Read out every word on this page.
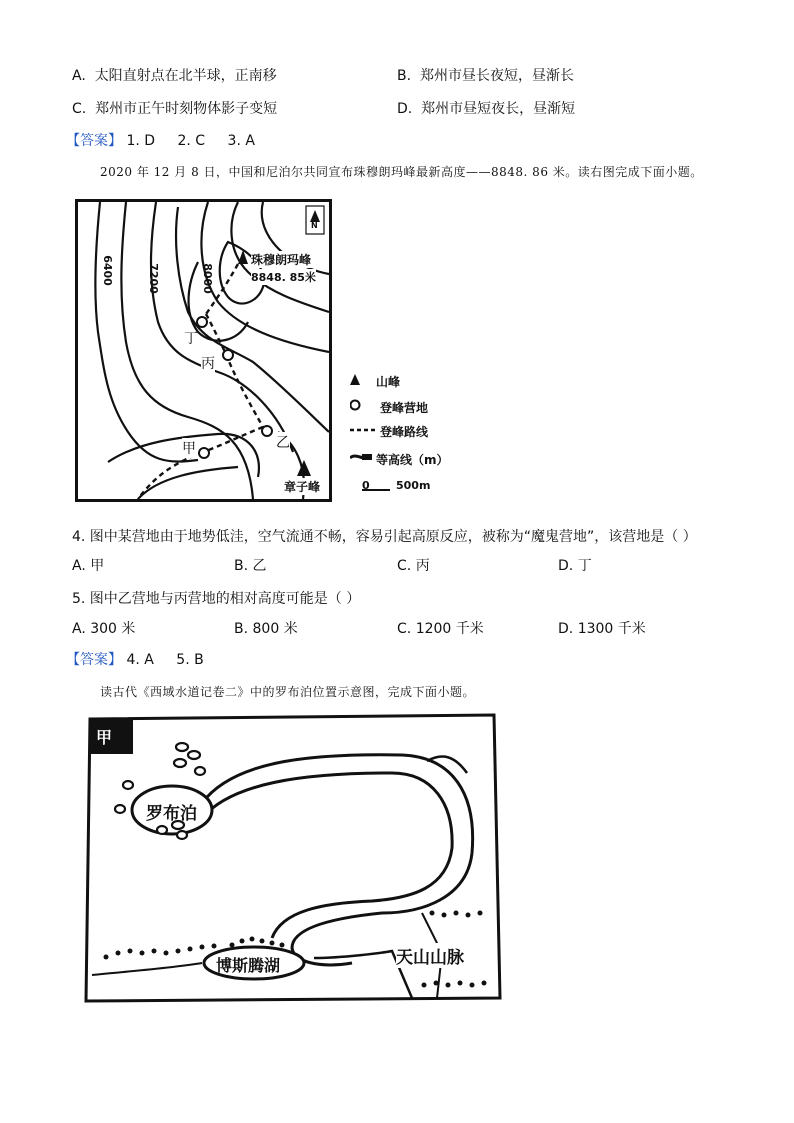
A. 太阳直射点在北半球，正南移	B. 郑州市昼长夜短，昼渐长
C. 郑州市正午时刻物体影子变短	D. 郑州市昼短夜长，昼渐短
【答案】 1. D 2. C 3. A
2020 年 12 月 8 日，中国和尼泊尔共同宣布珠穆朗玛峰最新高度——8848. 86 米。读右图完成下面小题。
6400	7200	8000
N
珠穆朗玛峰
8848. 85米
丁
丙
乙
甲
章子峰
山峰
登峰营地
登峰路线
等高线（m）
0 500m
4. 图中某营地由于地势低洼，空气流通不畅，容易引起高原反应，被称为“魔鬼营地”，该营地是（ ）
A. 甲	B. 乙	C. 丙	D. 丁
5. 图中乙营地与丙营地的相对高度可能是（ ）
A. 300 米	B. 800 米	C. 1200 千米	D. 1300 千米
【答案】 4. A 5. B
读古代《西域水道记卷二》中的罗布泊位置示意图，完成下面小题。
甲
罗布泊
博斯腾湖	天山山脉
